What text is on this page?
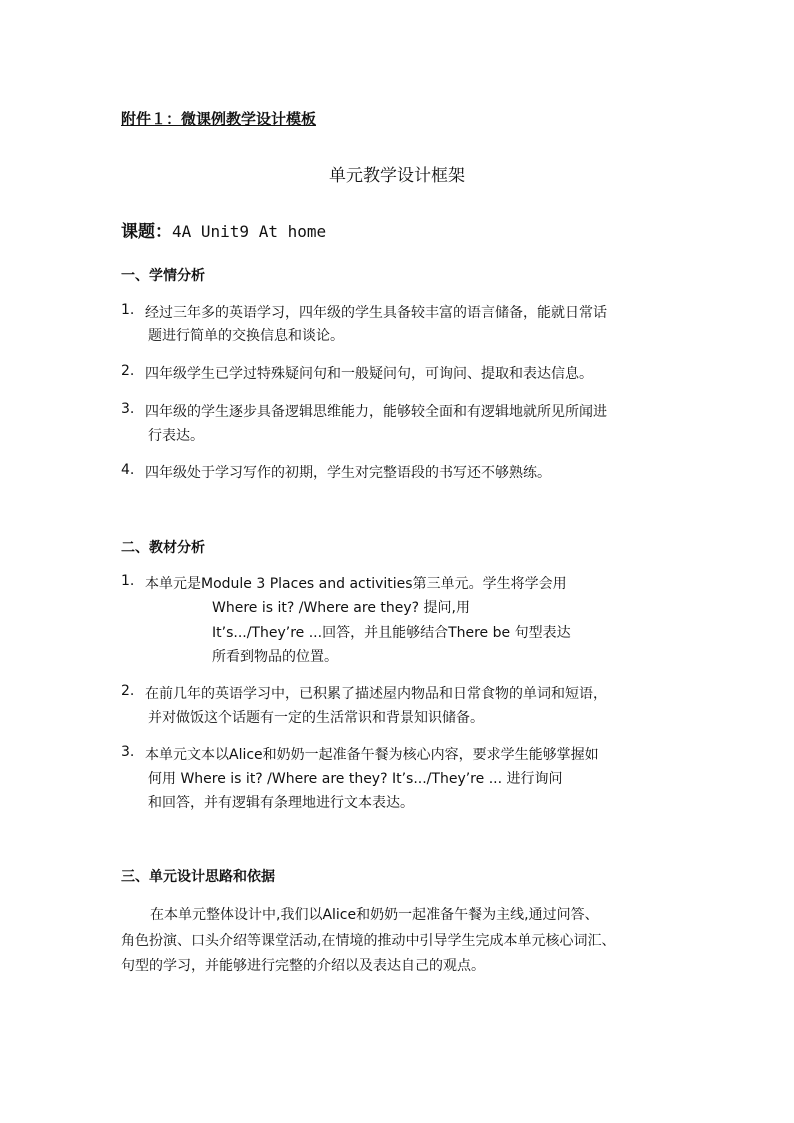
附件１：微课例教学设计模板
单元教学设计框架
课题：4A Unit9 At home
一、学情分析
1. 经过三年多的英语学习，四年级的学生具备较丰富的语言储备，能就日常话
题进行简单的交换信息和谈论。
2. 四年级学生已学过特殊疑问句和一般疑问句，可询问、提取和表达信息。
3. 四年级的学生逐步具备逻辑思维能力，能够较全面和有逻辑地就所见所闻进
行表达。
4. 四年级处于学习写作的初期，学生对完整语段的书写还不够熟练。
二、教材分析
1. 本单元是Module 3 Places and activities第三单元。学生将学会用
Where is it? /Where are they? 提问,用
It’s.../They’re ...回答，并且能够结合There be 句型表达
所看到物品的位置。
2. 在前几年的英语学习中，已积累了描述屋内物品和日常食物的单词和短语，
并对做饭这个话题有一定的生活常识和背景知识储备。
3. 本单元文本以Alice和奶奶一起准备午餐为核心内容，要求学生能够掌握如
何用 Where is it? /Where are they? It’s.../They’re ... 进行询问
和回答，并有逻辑有条理地进行文本表达。
三、单元设计思路和依据
在本单元整体设计中,我们以Alice和奶奶一起准备午餐为主线,通过问答、
角色扮演、口头介绍等课堂活动,在情境的推动中引导学生完成本单元核心词汇、
句型的学习，并能够进行完整的介绍以及表达自己的观点。
